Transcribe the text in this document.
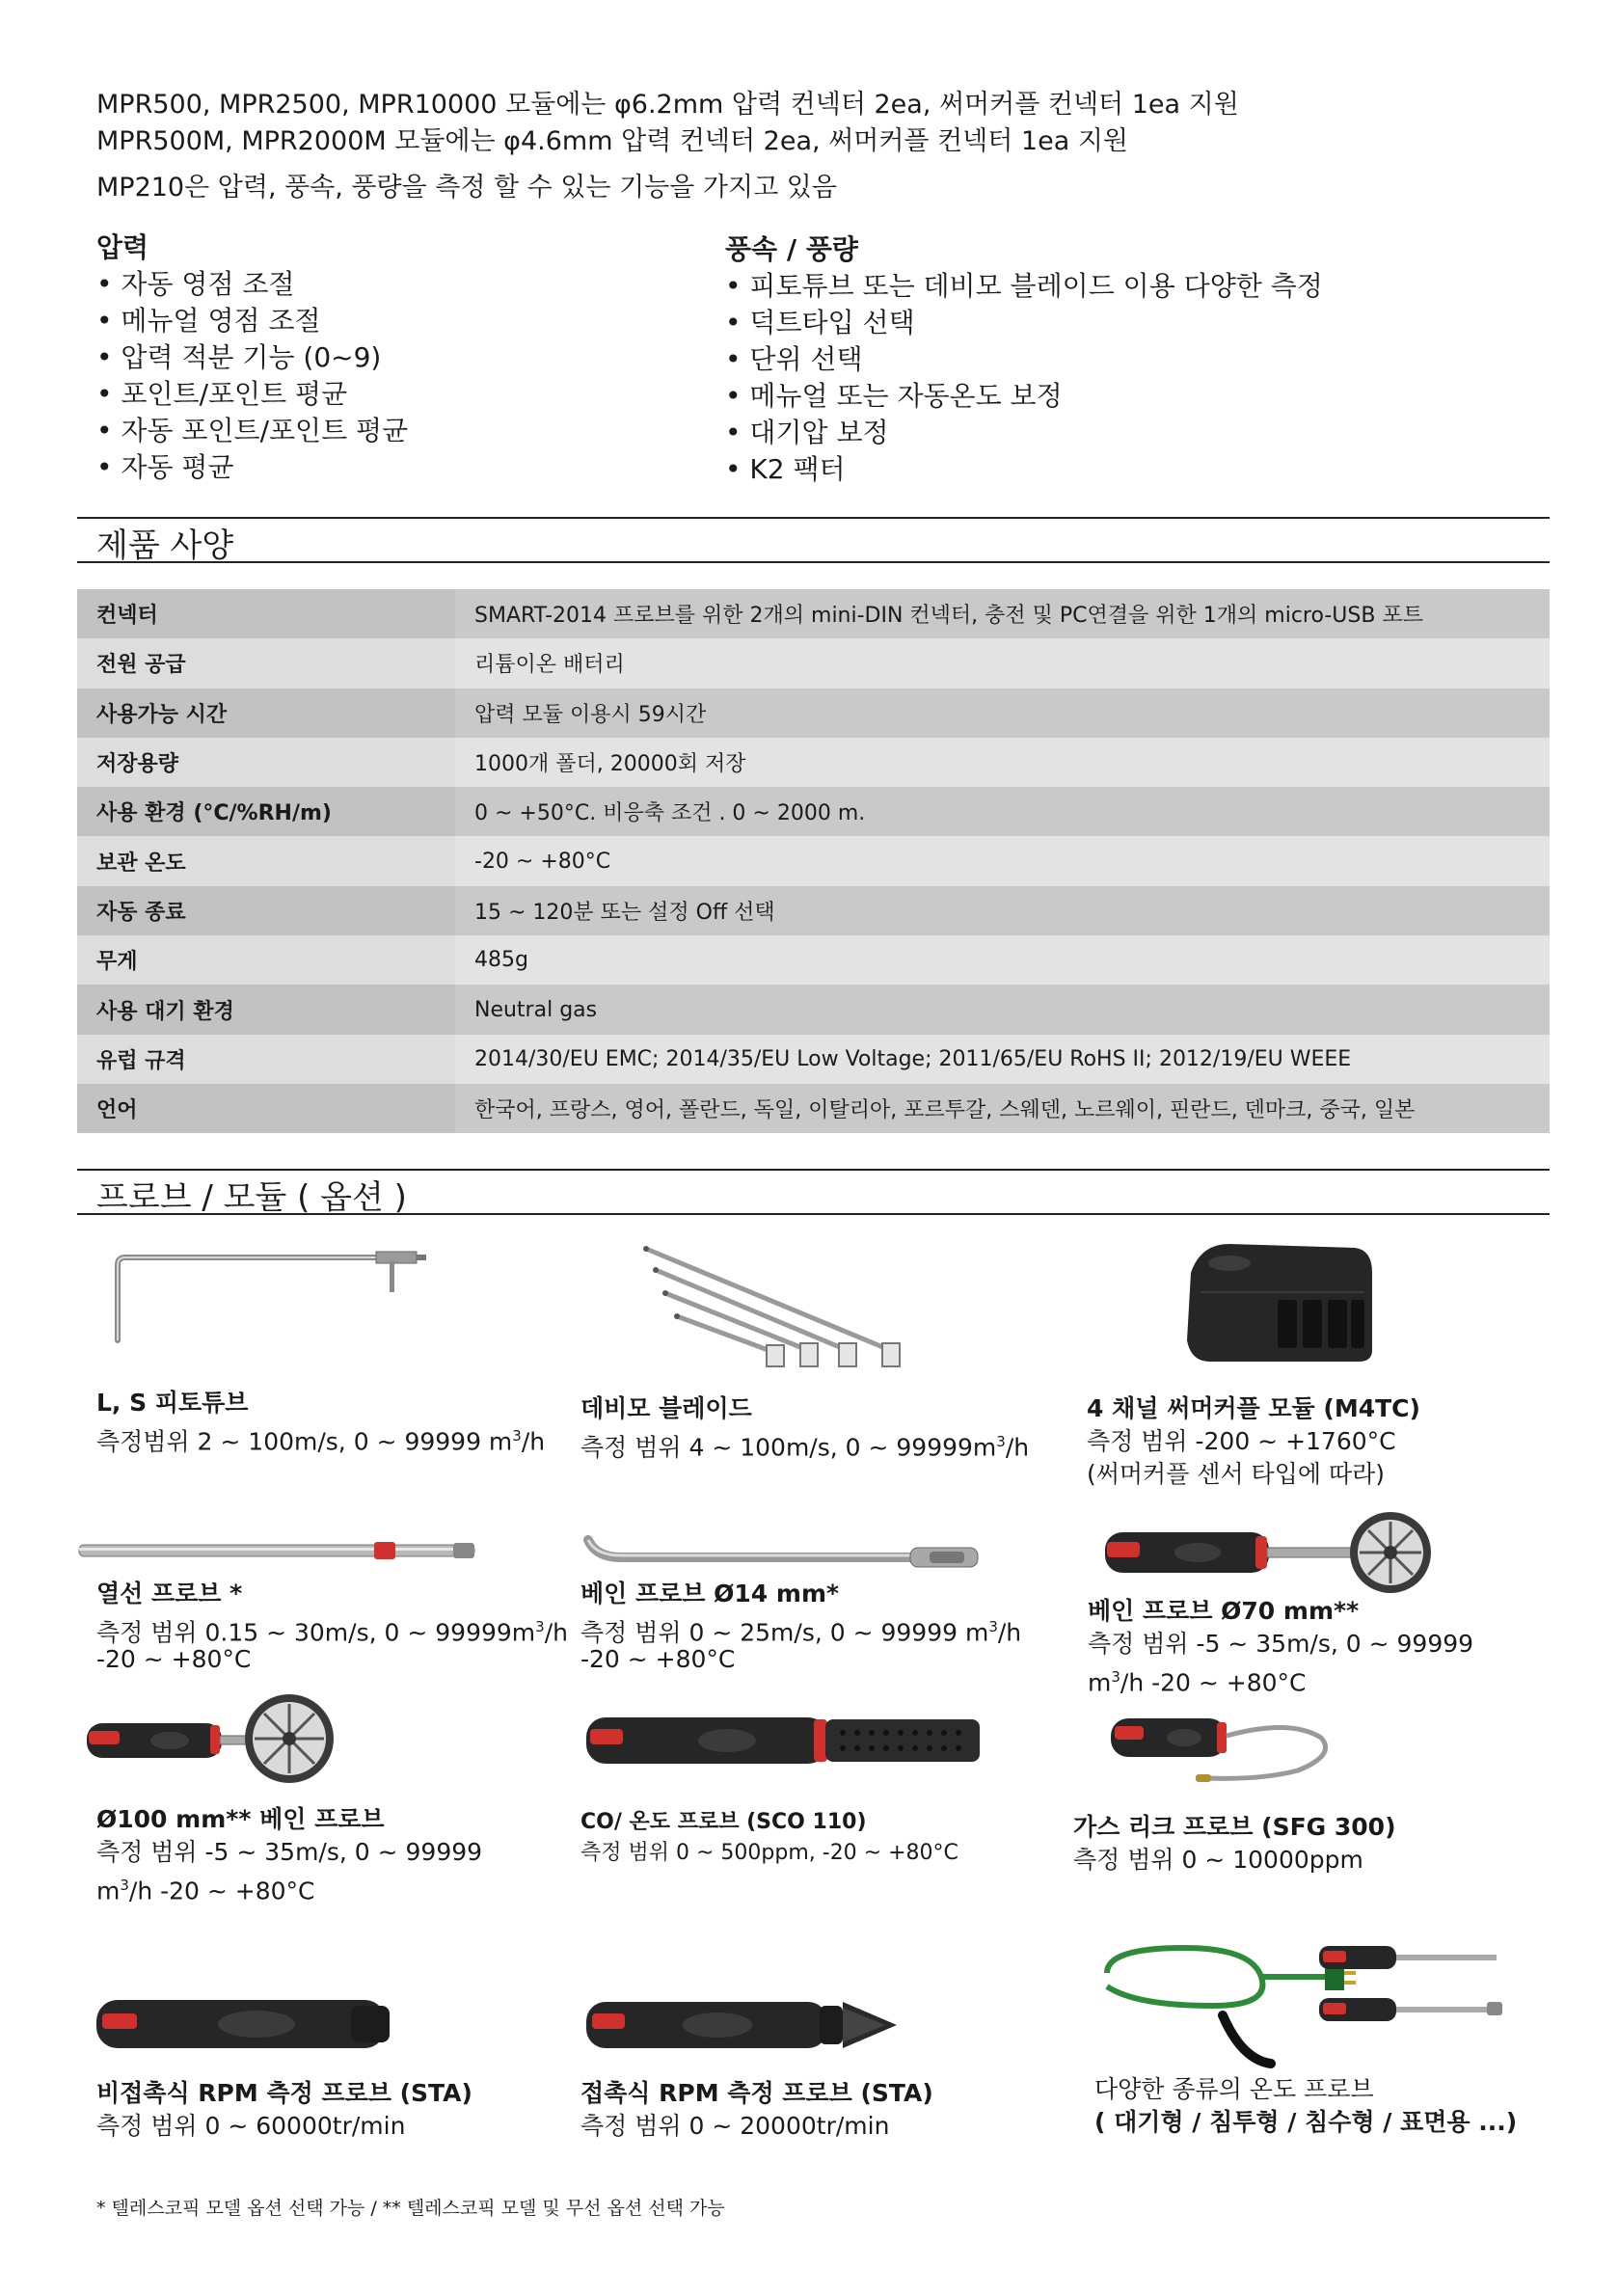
MPR500, MPR2500, MPR10000 모듈에는 φ6.2mm 압력 컨넥터 2ea, 써머커플 컨넥터 1ea 지원
MPR500M, MPR2000M 모듈에는 φ4.6mm 압력 컨넥터 2ea, 써머커플 컨넥터 1ea 지원
MP210은 압력, 풍속, 풍량을 측정 할 수 있는 기능을 가지고 있음
압력
• 자동 영점 조절
• 메뉴얼 영점 조절
• 압력 적분 기능 (0~9)
• 포인트/포인트 평균
• 자동 포인트/포인트 평균
• 자동 평균
풍속 / 풍량
• 피토튜브 또는 데비모 블레이드 이용 다양한 측정
• 덕트타입 선택
• 단위 선택
• 메뉴얼 또는 자동온도 보정
• 대기압 보정
• K2 팩터
제품 사양
컨넥터	SMART-2014 프로브를 위한 2개의 mini-DIN 컨넥터, 충전 및 PC연결을 위한 1개의 micro-USB 포트
전원 공급	리튬이온 배터리
사용가능 시간	압력 모듈 이용시 59시간
저장용량	1000개 폴더, 20000회 저장
사용 환경 (°C/%RH/m)	0 ~ +50°C. 비응축 조건 . 0 ~ 2000 m.
보관 온도	-20 ~ +80°C
자동 종료	15 ~ 120분 또는 설정 Off 선택
무게	485g
사용 대기 환경	Neutral gas
유럽 규격	2014/30/EU EMC; 2014/35/EU Low Voltage; 2011/65/EU RoHS II; 2012/19/EU WEEE
언어	한국어, 프랑스, 영어, 폴란드, 독일, 이탈리아, 포르투갈, 스웨덴, 노르웨이, 핀란드, 덴마크, 중국, 일본
프로브 / 모듈 ( 옵션 )
L, S 피토튜브
측정범위 2 ~ 100m/s, 0 ~ 99999 $m^3/h$
데비모 블레이드
측정 범위 4 ~ 100m/s, 0 ~ $99999m^3/h$
4 채널 써머커플 모듈 (M4TC)
측정 범위 -200 ~ +1760°C
(써머커플 센서 타입에 따라)
열선 프로브 *
측정 범위 0.15 ~ 30m/s, 0 ~ $99999m^3/h$
-20 ~ +80°C
베인 프로브 Ø14 mm*
측정 범위 0 ~ 25m/s, 0 ~ 99999 $m^3/h$
-20 ~ +80°C
베인 프로브 Ø70 mm**
측정 범위 -5 ~ 35m/s, 0 ~ 99999
$m^3/h$ -20 ~ +80°C
Ø100 mm** 베인 프로브
측정 범위 -5 ~ 35m/s, 0 ~ 99999
$m^3/h$ -20 ~ +80°C
CO/ 온도 프로브 (SCO 110)
측정 범위 0 ~ 500ppm, -20 ~ +80°C
가스 리크 프로브 (SFG 300)
측정 범위 0 ~ 10000ppm
비접촉식 RPM 측정 프로브 (STA)
측정 범위 0 ~ 60000tr/min
접촉식 RPM 측정 프로브 (STA)
측정 범위 0 ~ 20000tr/min
다양한 종류의 온도 프로브
( 대기형 / 침투형 / 침수형 / 표면용 ...)
* 텔레스코픽 모델 옵션 선택 가능 / ** 텔레스코픽 모델 및 무선 옵션 선택 가능
